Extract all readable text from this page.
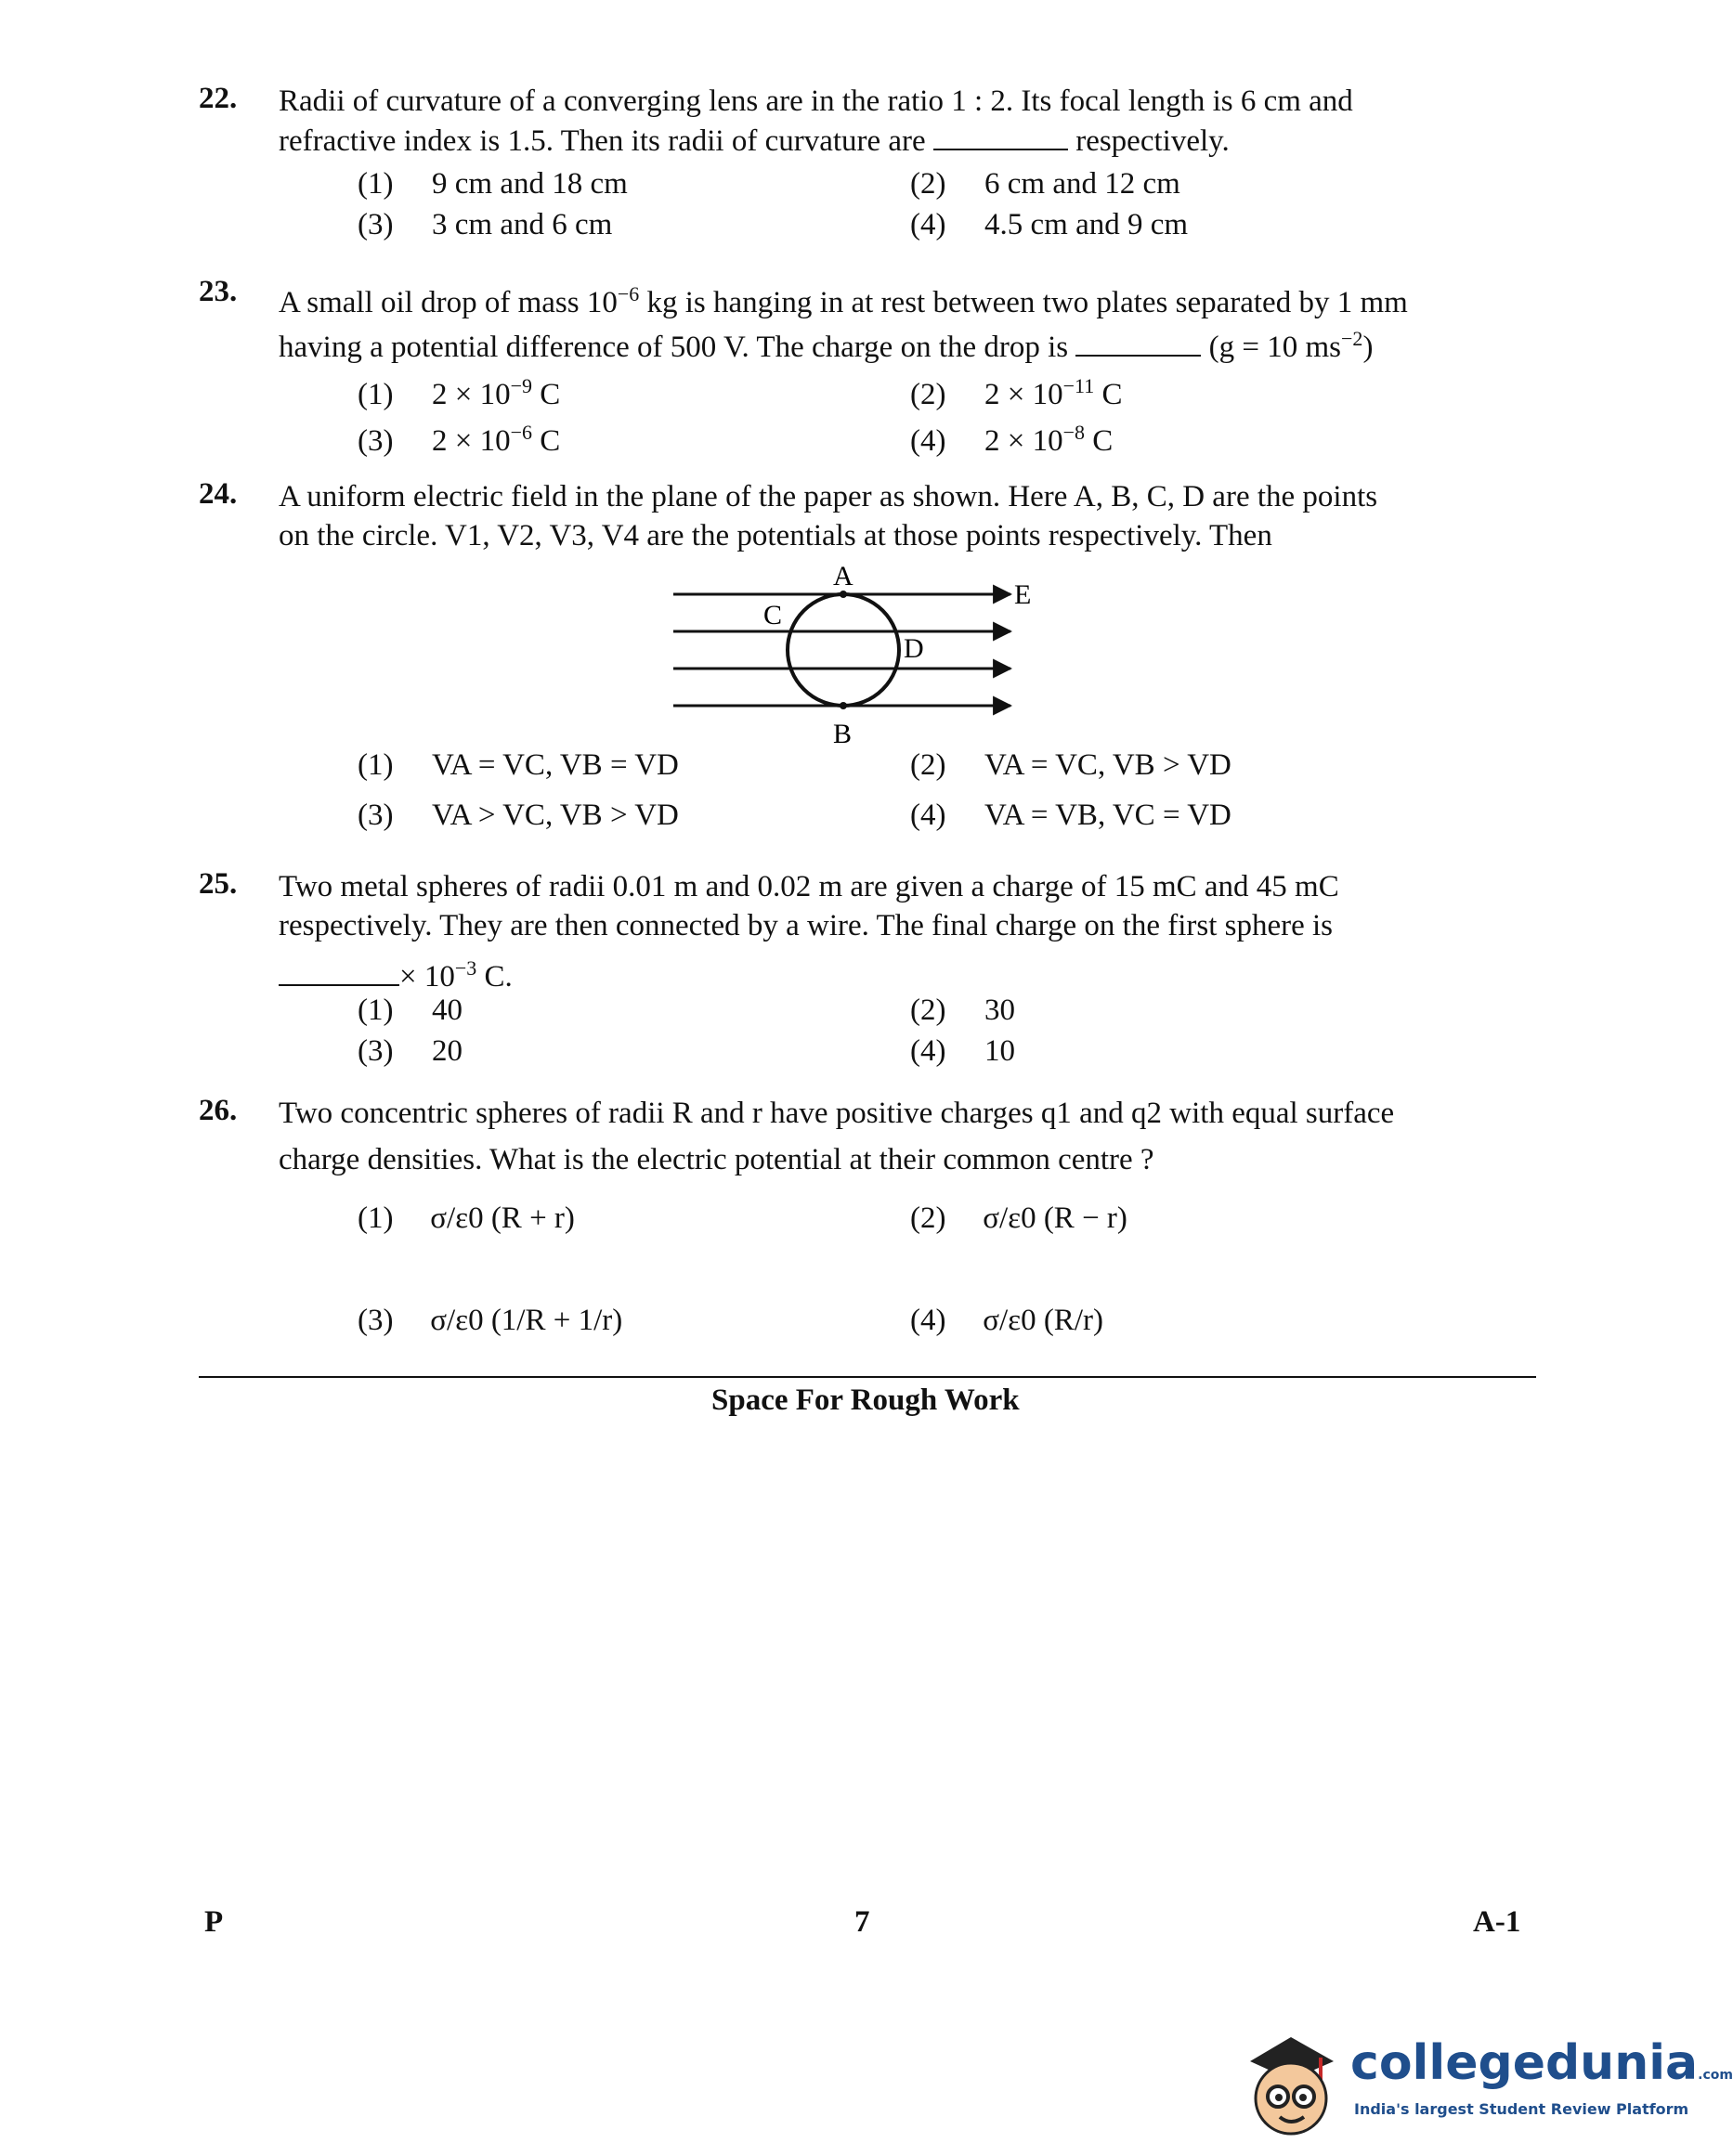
22. Radii of curvature of a converging lens are in the ratio 1 : 2. Its focal length is 6 cm and
refractive index is 1.5. Then its radii of curvature are	respectively.
(1) 9 cm and 18 cm	(2) 6 cm and 12 cm
(3) 3 cm and 6 cm	(4) 4.5 cm and 9 cm
23. A small oil drop of mass $10^{-6}$ kg is hanging in at rest between two plates separated by 1 mm
having a potential difference of 500 V. The charge on the drop is	(g = 10 $ms^{-2}$)
(1) $2 \times 10^{-9}$ C	(2) $2 \times 10^{-11}$ C
(3) $2 \times 10^{-6}$ C	(4) $2 \times 10^{-8}$ C
24. A uniform electric field in the plane of the paper as shown. Here A, B, C, D are the points
on the circle. V1, V2, V3, V4 are the potentials at those points respectively. Then
A
B
C
D
E
(1) VA = VC, VB = VD	(2) VA = VC, VB > VD
(3) VA > VC, VB > VD	(4) VA = VB, VC = VD
25. Two metal spheres of radii 0.01 m and 0.02 m are given a charge of 15 mC and 45 mC
respectively. They are then connected by a wire. The final charge on the first sphere is
× $10^{-3}$ C.
(1) 40	(2) 30
(3) 20	(4) 10
26. Two concentric spheres of radii R and r have positive charges q1 and q2 with equal surface
charge densities. What is the electric potential at their common centre ?
(1) σ/ε0 (R + r)	(2) σ/ε0 (R − r)
(3) σ/ε0 (1/R + 1/r)	(4) σ/ε0 (R/r)
Space For Rough Work
P	7	A-1
collegedunia.com
India's largest Student Review Platform
